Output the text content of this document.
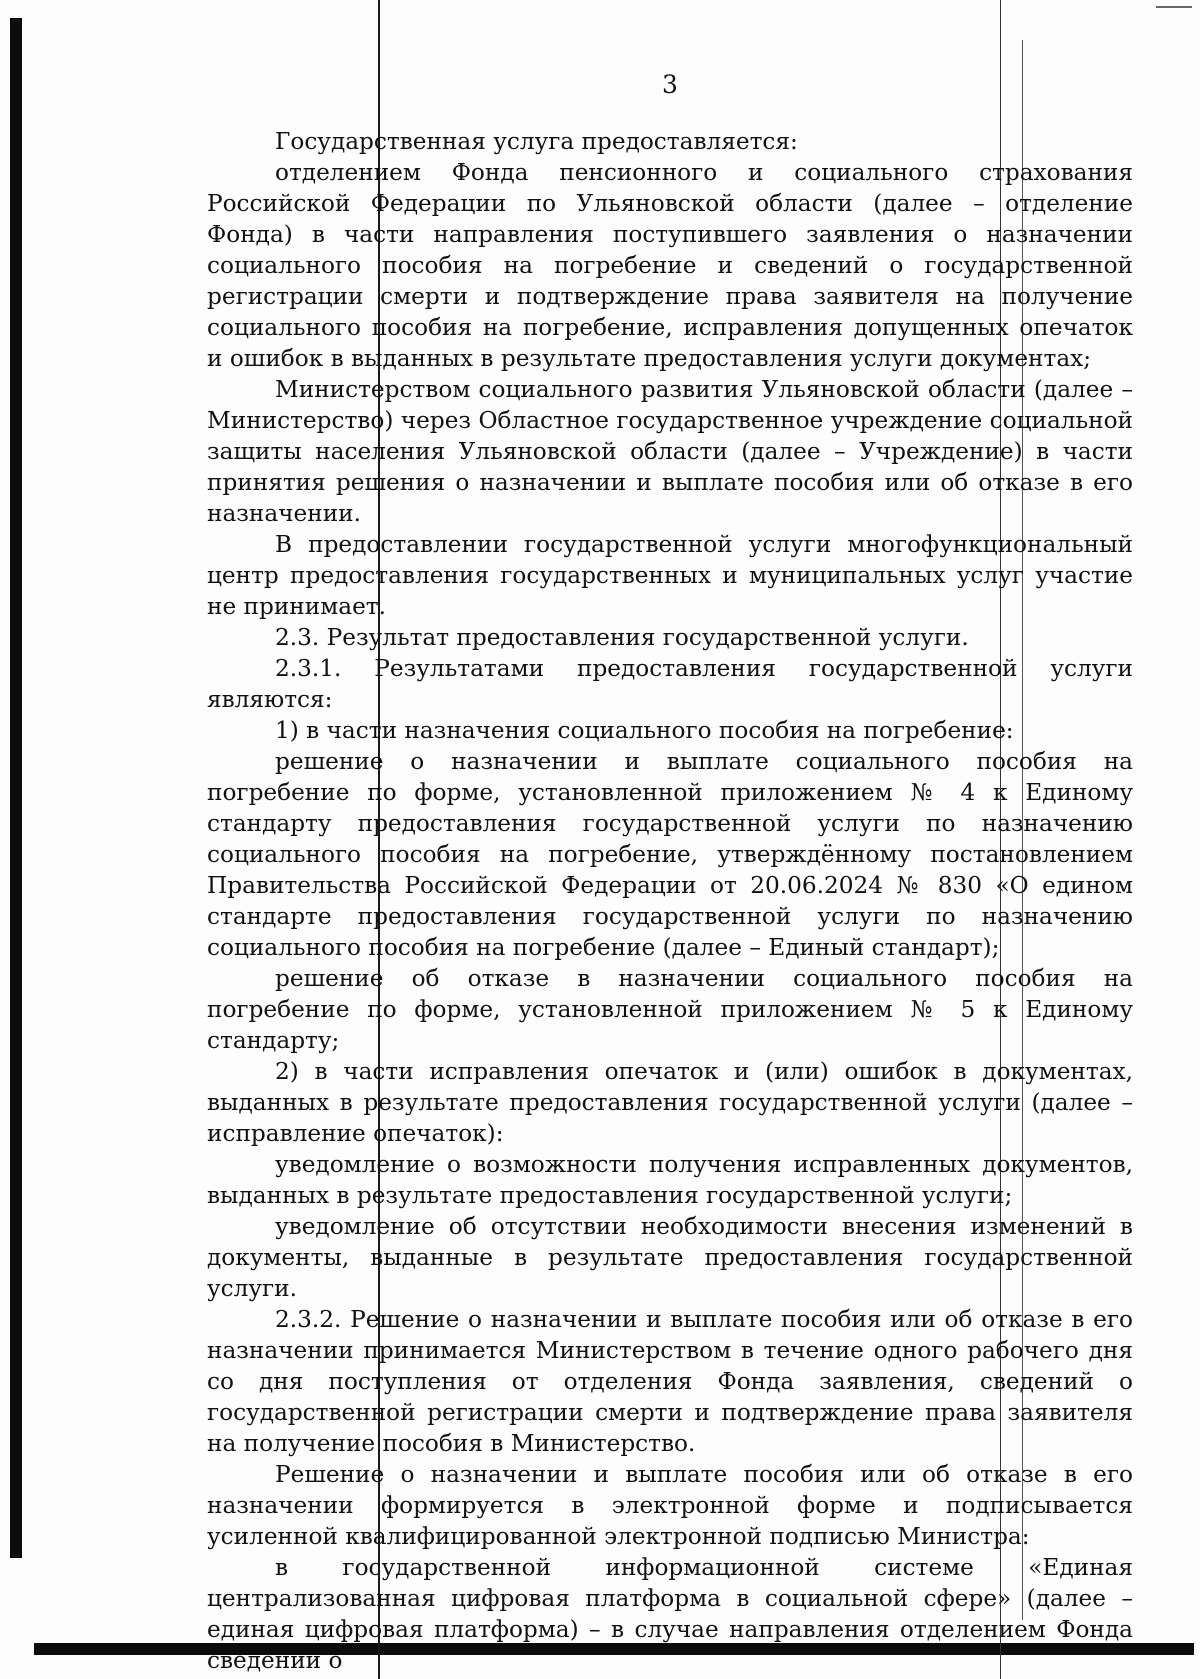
3

Государственная услуга предоставляется:

отделением Фонда пенсионного и социального страхования Российской Федерации по Ульяновской области (далее – отделение Фонда) в части направления поступившего заявления о назначении социального пособия на погребение и сведений о государственной регистрации смерти и подтверждение права заявителя на получение социального пособия на погребение, исправления допущенных опечаток и ошибок в выданных в результате предоставления услуги документах;

Министерством социального развития Ульяновской области (далее – Министерство) через Областное государственное учреждение социальной защиты населения Ульяновской области (далее – Учреждение) в части принятия решения о назначении и выплате пособия или об отказе в его назначении.

В предоставлении государственной услуги многофункциональный центр предоставления государственных и муниципальных услуг участие не принимает.

2.3. Результат предоставления государственной услуги.

2.3.1. Результатами предоставления государственной услуги являются:

1) в части назначения социального пособия на погребение:

решение о назначении и выплате социального пособия на погребение по форме, установленной приложением № 4 к Единому стандарту предоставления государственной услуги по назначению социального пособия на погребение, утверждённому постановлением Правительства Российской Федерации от 20.06.2024 № 830 «О едином стандарте предоставления государственной услуги по назначению социального пособия на погребение (далее – Единый стандарт);

решение об отказе в назначении социального пособия на погребение по форме, установленной приложением № 5 к Единому стандарту;

2) в части исправления опечаток и (или) ошибок в документах, выданных в результате предоставления государственной услуги (далее – исправление опечаток):

уведомление о возможности получения исправленных документов, выданных в результате предоставления государственной услуги;

уведомление об отсутствии необходимости внесения изменений в документы, выданные в результате предоставления государственной услуги.

2.3.2. Решение о назначении и выплате пособия или об отказе в его назначении принимается Министерством в течение одного рабочего дня со дня поступления от отделения Фонда заявления, сведений о государственной регистрации смерти и подтверждение права заявителя на получение пособия в Министерство.

Решение о назначении и выплате пособия или об отказе в его назначении формируется в электронной форме и подписывается усиленной квалифицированной электронной подписью Министра:

в государственной информационной системе «Единая централизованная цифровая платформа в социальной сфере» (далее – единая цифровая платформа) – в случае направления отделением Фонда сведений о
